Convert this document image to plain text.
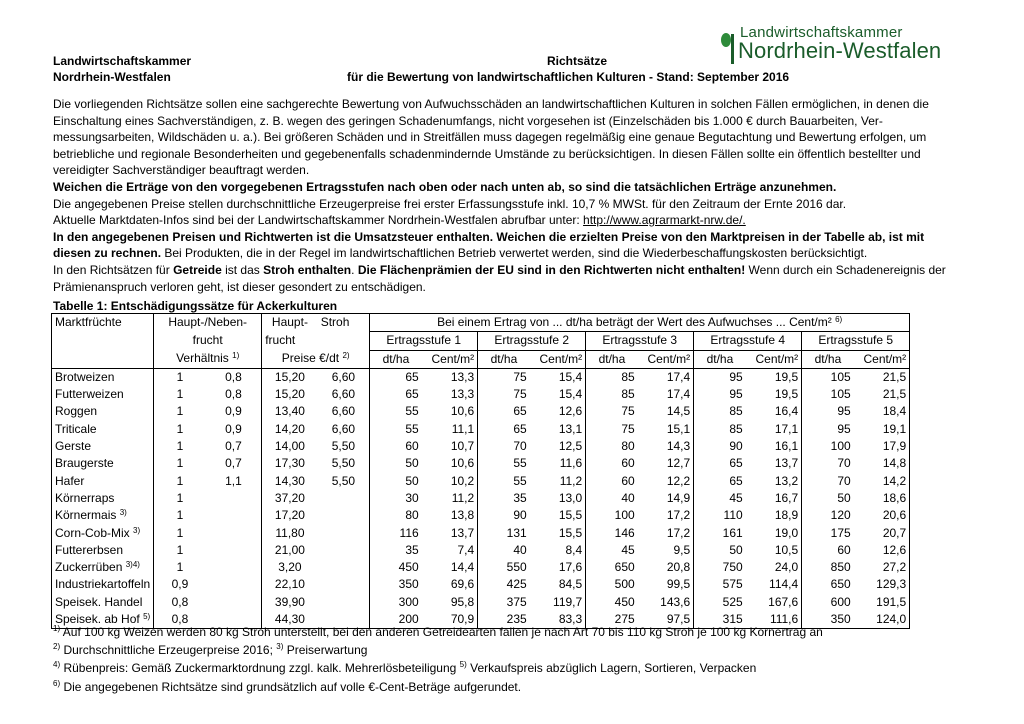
Landwirtschaftskammer
Nordrhein-Westfalen
Richtsätze
für die Bewertung von landwirtschaftlichen Kulturen - Stand: September 2016
Landwirtschaftskammer
Nordrhein-Westfalen

Die vorliegenden Richtsätze sollen eine sachgerechte Bewertung von Aufwuchsschäden an landwirtschaftlichen Kulturen in solchen Fällen ermöglichen, in denen die Einschaltung eines Sachverständigen, z. B. wegen des geringen Schadenumfangs, nicht vorgesehen ist (Einzelschäden bis 1.000 € durch Bauarbeiten, Ver-messungsarbeiten, Wildschäden u. a.). Bei größeren Schäden und in Streitfällen muss dagegen regelmäßig eine genaue Begutachtung und Bewertung erfolgen, um betriebliche und regionale Besonderheiten und gegebenenfalls schadenmindernde Umstände zu berücksichtigen. In diesen Fällen sollte ein öffentlich bestellter und vereidigter Sachverständiger beauftragt werden.

Weichen die Erträge von den vorgegebenen Ertragsstufen nach oben oder nach unten ab, so sind die tatsächlichen Erträge anzunehmen.

Die angegebenen Preise stellen durchschnittliche Erzeugerpreise frei erster Erfassungsstufe inkl. 10,7 % MWSt. für den Zeitraum der Ernte 2016 dar.

Aktuelle Marktdaten-Infos sind bei der Landwirtschaftskammer Nordrhein-Westfalen abrufbar unter: http://www.agrarmarkt-nrw.de/.

In den angegebenen Preisen und Richtwerten ist die Umsatzsteuer enthalten. Weichen die erzielten Preise von den Marktpreisen in der Tabelle ab, ist mit diesen zu rechnen. Bei Produkten, die in der Regel im landwirtschaftlichen Betrieb verwertet werden, sind die Wiederbeschaffungskosten berücksichtigt.

In den Richtsätzen für Getreide ist das Stroh enthalten. Die Flächenprämien der EU sind in den Richtwerten nicht enthalten! Wenn durch ein Schadenereignis der Prämienanspruch verloren geht, ist dieser gesondert zu entschädigen.

Tabelle 1: Entschädigungssätze für Ackerkulturen
Marktfrüchte	Haupt-/Neben-		Haupt-	Stroh	Bei einem Ertrag von ... dt/ha beträgt der Wert des Aufwuchses ... Cent/m² $^{6)}$
	frucht		frucht		Ertragsstufe 1		Ertragsstufe 2		Ertragsstufe 3		Ertragsstufe 4		Ertragsstufe 5	
	Verhältnis $^{1)}$		Preise €/dt $^{2)}$		dt/ha	Cent/m²	dt/ha	Cent/m²	dt/ha	Cent/m²	dt/ha	Cent/m²	dt/ha	Cent/m²
Brotweizen	1	0,8	15,20	6,60	65	13,3	75	15,4	85	17,4	95	19,5	105	21,5
Futterweizen	1	0,8	15,20	6,60	65	13,3	75	15,4	85	17,4	95	19,5	105	21,5
Roggen	1	0,9	13,40	6,60	55	10,6	65	12,6	75	14,5	85	16,4	95	18,4
Triticale	1	0,9	14,20	6,60	55	11,1	65	13,1	75	15,1	85	17,1	95	19,1
Gerste	1	0,7	14,00	5,50	60	10,7	70	12,5	80	14,3	90	16,1	100	17,9
Braugerste	1	0,7	17,30	5,50	50	10,6	55	11,6	60	12,7	65	13,7	70	14,8
Hafer	1	1,1	14,30	5,50	50	10,2	55	11,2	60	12,2	65	13,2	70	14,2
Körnerraps	1		37,20		30	11,2	35	13,0	40	14,9	45	16,7	50	18,6
Körnermais $^{3)}$	1		17,20		80	13,8	90	15,5	100	17,2	110	18,9	120	20,6
Corn-Cob-Mix $^{3)}$	1		11,80		116	13,7	131	15,5	146	17,2	161	19,0	175	20,7
Futtererbsen	1		21,00		35	7,4	40	8,4	45	9,5	50	10,5	60	12,6
Zuckerrüben $^{3)4)}$	1		3,20		450	14,4	550	17,6	650	20,8	750	24,0	850	27,2
Industriekartoffeln	0,9		22,10		350	69,6	425	84,5	500	99,5	575	114,4	650	129,3
Speisek. Handel	0,8		39,90		300	95,8	375	119,7	450	143,6	525	167,6	600	191,5
Speisek. ab Hof $^{5)}$	0,8		44,30		200	70,9	235	83,3	275	97,5	315	111,6	350	124,0
$^{1)}$ Auf 100 kg Weizen werden 80 kg Stroh unterstellt, bei den anderen Getreidearten fallen je nach Art 70 bis 110 kg Stroh je 100 kg Kornertrag an
$^{2)}$ Durchschnittliche Erzeugerpreise 2016; $^{3)}$ Preiserwartung
$^{4)}$ Rübenpreis: Gemäß Zuckermarktordnung zzgl. kalk. Mehrerlösbeteiligung $^{5)}$ Verkaufspreis abzüglich Lagern, Sortieren, Verpacken
$^{6)}$ Die angegebenen Richtsätze sind grundsätzlich auf volle €-Cent-Beträge aufgerundet.
